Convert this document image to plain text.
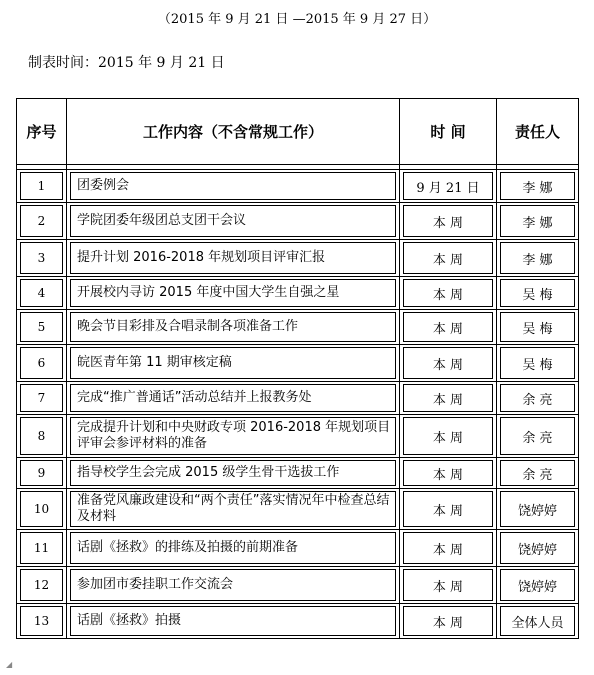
（2015 年 9 月 21 日 —2015 年 9 月 27 日）
制表时间：2015 年 9 月 21 日
序号	工作内容（不含常规工作）	时 间	责任人

1	团委例会	9 月 21 日	李 娜

2	学院团委年级团总支团干会议	本 周	李 娜

3	提升计划 2016-2018 年规划项目评审汇报	本 周	李 娜

4	开展校内寻访 2015 年度中国大学生自强之星	本 周	吴 梅

5	晚会节目彩排及合唱录制各项准备工作	本 周	吴 梅

6	皖医青年第 11 期审核定稿	本 周	吴 梅

7	完成“推广普通话”活动总结并上报教务处	本 周	余 亮

8	完成提升计划和中央财政专项 2016-2018 年规划项目评审会参评材料的准备	本 周	余 亮

9	指导校学生会完成 2015 级学生骨干选拔工作	本 周	余 亮

10	准备党风廉政建设和“两个责任”落实情况年中检查总结及材料	本 周	饶婷婷

11	话剧《拯救》的排练及拍摄的前期准备	本 周	饶婷婷

12	参加团市委挂职工作交流会	本 周	饶婷婷

13	话剧《拯救》拍摄	本 周	全体人员
◢
